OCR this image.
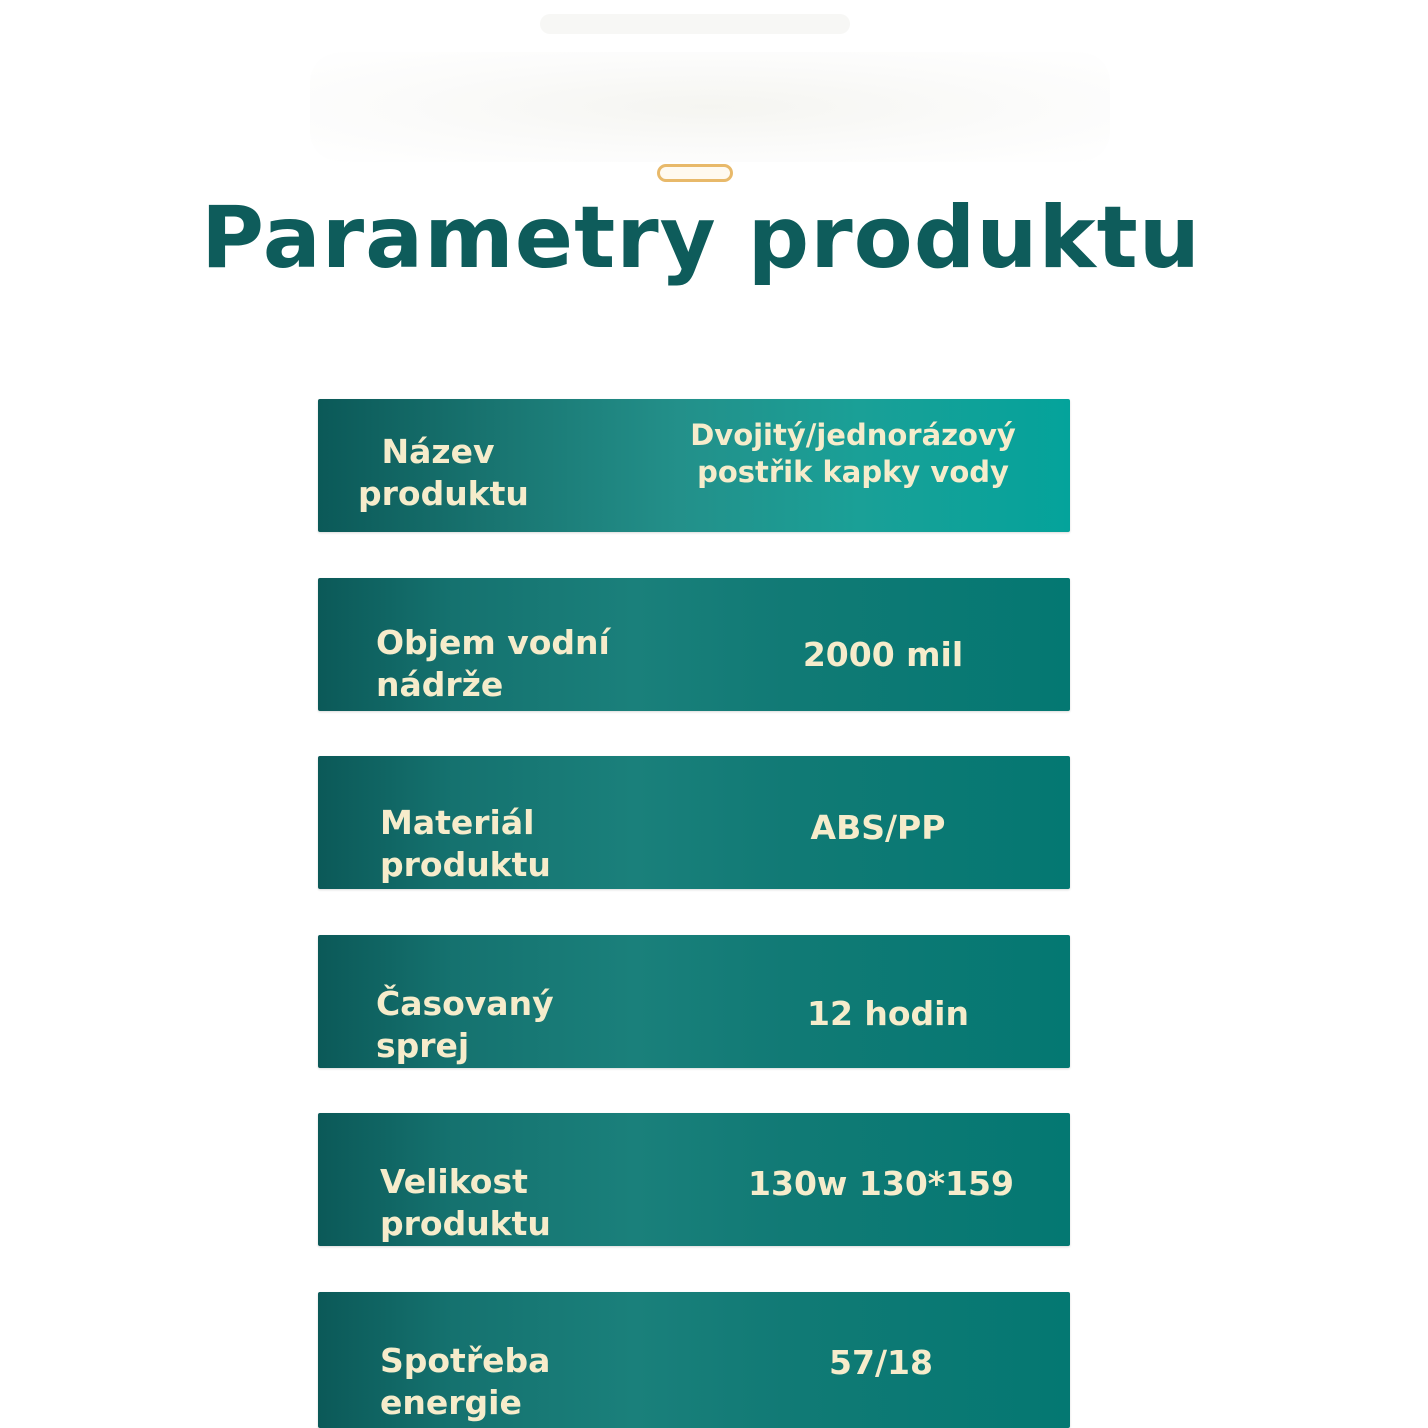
Parametry produktu
Název produktu
Dvojitý/jednorázový postřik kapky vody
Objem vodní nádrže
2000 mil
Materiál produktu
ABS/PP
Časovaný sprej
12 hodin
Velikost produktu
130w 130*159
Spotřeba energie
57/18
